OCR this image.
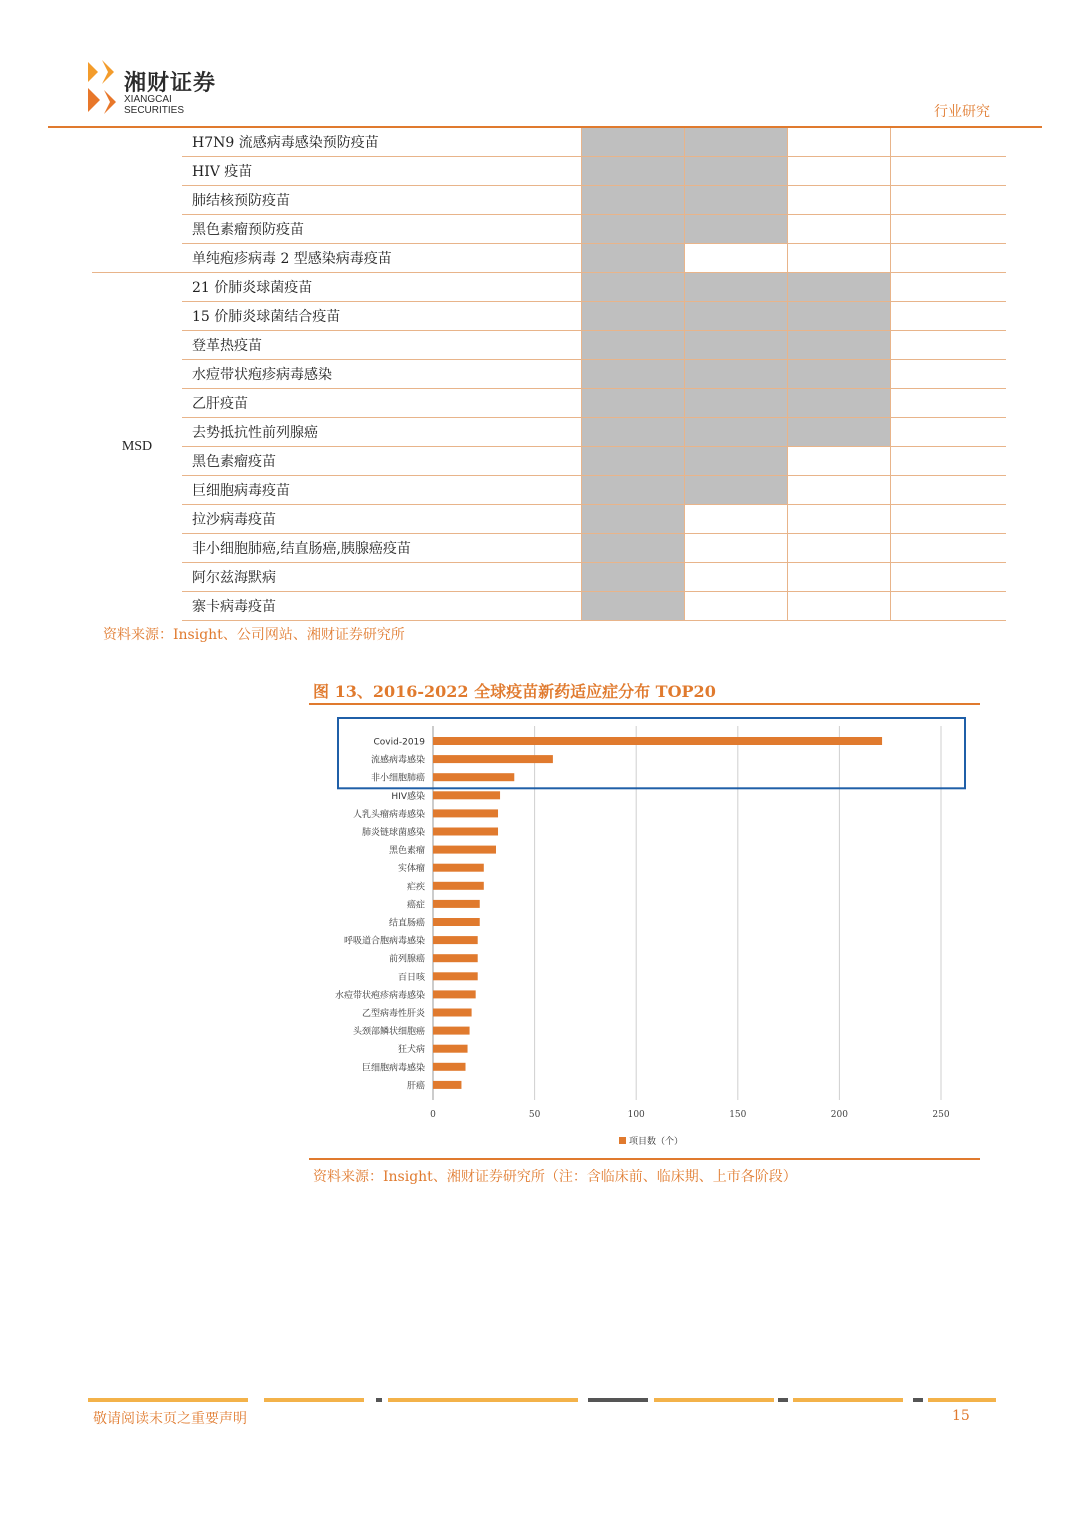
湘财证券
XIANGCAI SECURITIES	行业研究
	H7N9 流感病毒感染预防疫苗				
	HIV 疫苗				
	肺结核预防疫苗				
	黑色素瘤预防疫苗				
	单纯疱疹病毒 2 型感染病毒疫苗				
MSD	21 价肺炎球菌疫苗				
	15 价肺炎球菌结合疫苗				
	登革热疫苗				
	水痘带状疱疹病毒感染				
	乙肝疫苗				
	去势抵抗性前列腺癌				
	黑色素瘤疫苗				
	巨细胞病毒疫苗				
	拉沙病毒疫苗				
	非小细胞肺癌,结直肠癌,胰腺癌疫苗				
	阿尔兹海默病				
	寨卡病毒疫苗				
资料来源：Insight、公司网站、湘财证券研究所
图 13、2016-2022 全球疫苗新药适应症分布 TOP20
0	50	100	150	200	250
Covid-2019
流感病毒感染
非小细胞肺癌
HIV感染
人乳头瘤病毒感染
肺炎链球菌感染
黑色素瘤
实体瘤
疟疾
癌症
结直肠癌
呼吸道合胞病毒感染
前列腺癌
百日咳
水痘带状疱疹病毒感染
乙型病毒性肝炎
头颈部鳞状细胞癌
狂犬病
巨细胞病毒感染
肝癌
项目数（个）
资料来源：Insight、湘财证券研究所（注：含临床前、临床期、上市各阶段）
敬请阅读末页之重要声明	15
